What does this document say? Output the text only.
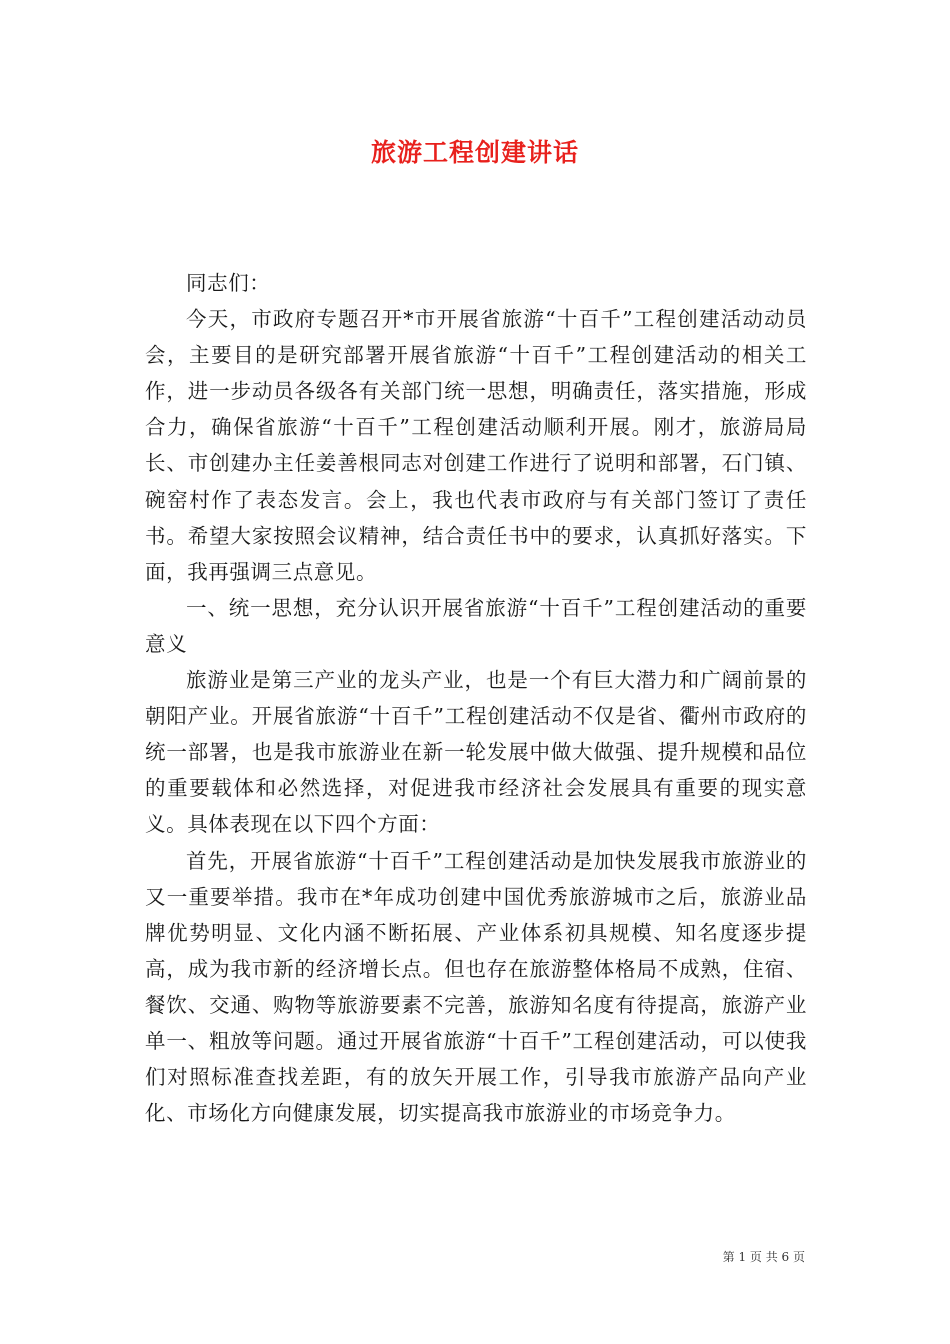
旅游工程创建讲话

同志们：

今天，市政府专题召开*市开展省旅游“十百千”工程创建活动动员会，主要目的是研究部署开展省旅游“十百千”工程创建活动的相关工作，进一步动员各级各有关部门统一思想，明确责任，落实措施，形成合力，确保省旅游“十百千”工程创建活动顺利开展。刚才，旅游局局长、市创建办主任姜善根同志对创建工作进行了说明和部署，石门镇、碗窑村作了表态发言。会上，我也代表市政府与有关部门签订了责任书。希望大家按照会议精神，结合责任书中的要求，认真抓好落实。下面，我再强调三点意见。

一、统一思想，充分认识开展省旅游“十百千”工程创建活动的重要意义

旅游业是第三产业的龙头产业，也是一个有巨大潜力和广阔前景的朝阳产业。开展省旅游“十百千”工程创建活动不仅是省、衢州市政府的统一部署，也是我市旅游业在新一轮发展中做大做强、提升规模和品位的重要载体和必然选择，对促进我市经济社会发展具有重要的现实意义。具体表现在以下四个方面：

首先，开展省旅游“十百千”工程创建活动是加快发展我市旅游业的又一重要举措。我市在*年成功创建中国优秀旅游城市之后，旅游业品牌优势明显、文化内涵不断拓展、产业体系初具规模、知名度逐步提高，成为我市新的经济增长点。但也存在旅游整体格局不成熟，住宿、餐饮、交通、购物等旅游要素不完善，旅游知名度有待提高，旅游产业单一、粗放等问题。通过开展省旅游“十百千”工程创建活动，可以使我们对照标准查找差距，有的放矢开展工作，引导我市旅游产品向产业化、市场化方向健康发展，切实提高我市旅游业的市场竞争力。

第 1 页 共 6 页
